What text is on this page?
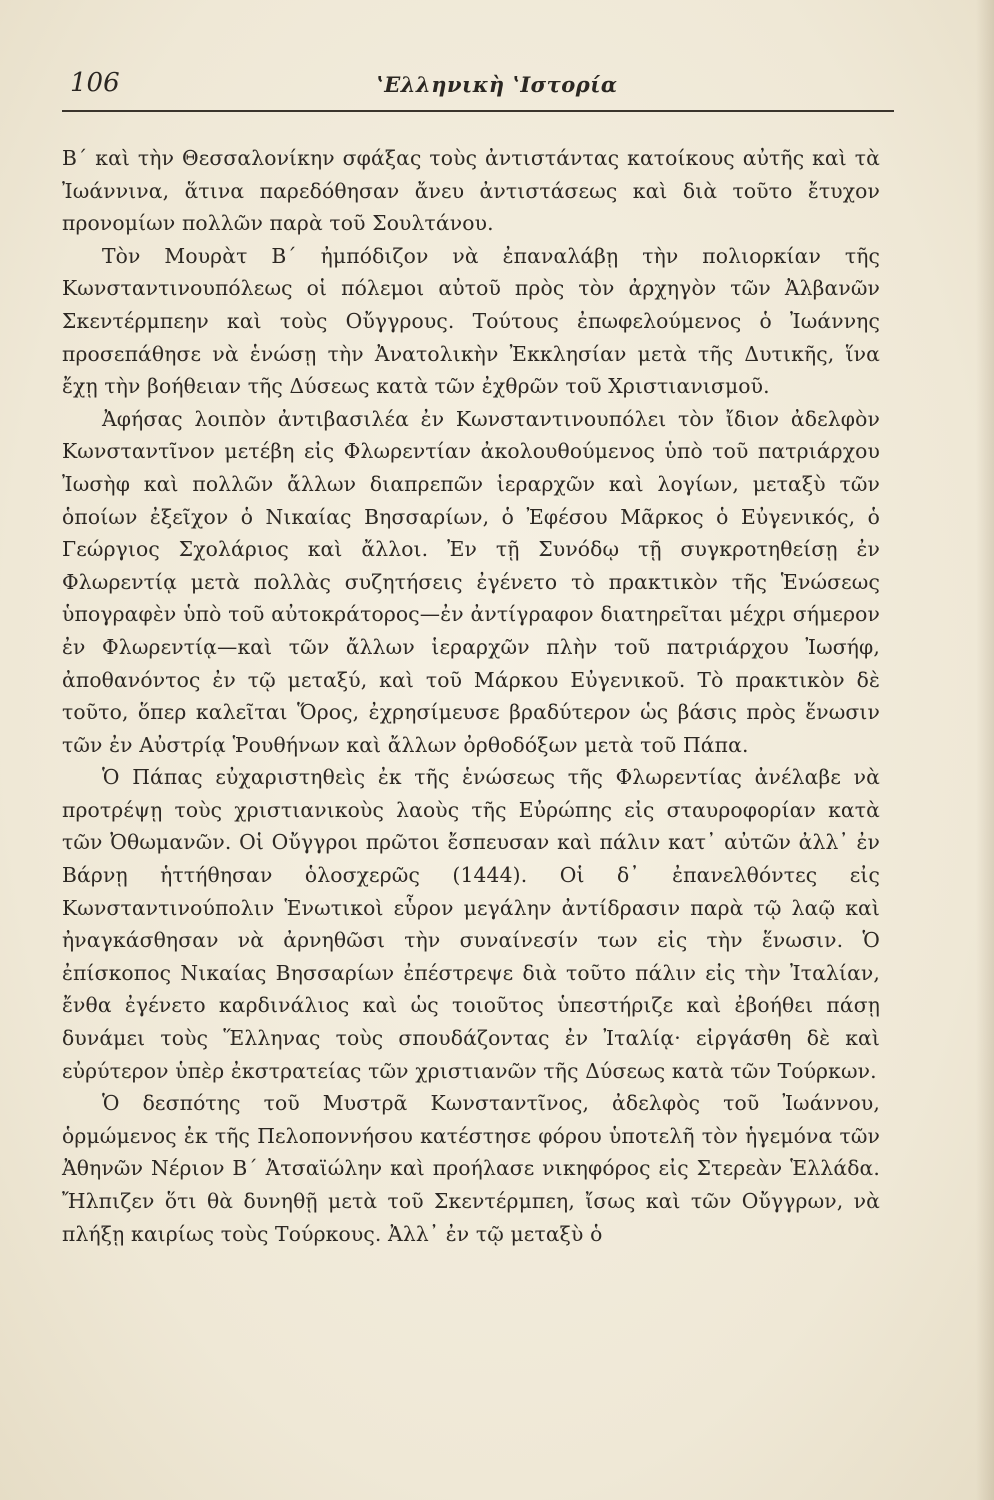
106	ʽΕλληνικὴ ʽΙστορία

Β΄ καὶ τὴν Θεσσαλονίκην σφάξας τοὺς ἀντιστάντας κατοίκους αὐτῆς καὶ τὰ Ἰωάννινα, ἅτινα παρεδόθησαν ἄνευ ἀντιστάσεως καὶ διὰ τοῦτο ἔτυχον προνομίων πολλῶν παρὰ τοῦ Σουλτάνου.

Τὸν Μουρὰτ Β΄ ἠμπόδιζον νὰ ἐπαναλάβῃ τὴν πολιορκίαν τῆς Κωνσταντινουπόλεως οἱ πόλεμοι αὐτοῦ πρὸς τὸν ἀρχηγὸν τῶν Ἀλβανῶν Σκεντέρμπεην καὶ τοὺς Οὔγγρους. Τούτους ἐπωφελούμενος ὁ Ἰωάννης προσεπάθησε νὰ ἑνώσῃ τὴν Ἀνατολικὴν Ἐκκλησίαν μετὰ τῆς Δυτικῆς, ἵνα ἔχῃ τὴν βοήθειαν τῆς Δύσεως κατὰ τῶν ἐχθρῶν τοῦ Χριστιανισμοῦ.

Ἀφήσας λοιπὸν ἀντιβασιλέα ἐν Κωνσταντινουπόλει τὸν ἴδιον ἀδελφὸν Κωνσταντῖνον μετέβη εἰς Φλωρεντίαν ἀκολουθούμενος ὑπὸ τοῦ πατριάρχου Ἰωσὴφ καὶ πολλῶν ἄλλων διαπρεπῶν ἱεραρχῶν καὶ λογίων, μεταξὺ τῶν ὁποίων ἐξεῖχον ὁ Νικαίας Βησσαρίων, ὁ Ἐφέσου Μᾶρκος ὁ Εὐγενικός, ὁ Γεώργιος Σχολάριος καὶ ἄλλοι. Ἐν τῇ Συνόδῳ τῇ συγκροτηθείσῃ ἐν Φλωρεντίᾳ μετὰ πολλὰς συζητήσεις ἐγένετο τὸ πρακτικὸν τῆς Ἑνώσεως ὑπογραφὲν ὑπὸ τοῦ αὐτοκράτορος—ἐν ἀντίγραφον διατηρεῖται μέχρι σήμερον ἐν Φλωρεντίᾳ—καὶ τῶν ἄλλων ἱεραρχῶν πλὴν τοῦ πατριάρχου Ἰωσήφ, ἀποθανόντος ἐν τῷ μεταξύ, καὶ τοῦ Μάρκου Εὐγενικοῦ. Τὸ πρακτικὸν δὲ τοῦτο, ὅπερ καλεῖται Ὅρος, ἐχρησίμευσε βραδύτερον ὡς βάσις πρὸς ἕνωσιν τῶν ἐν Αὐστρίᾳ Ῥουθήνων καὶ ἄλλων ὀρθοδόξων μετὰ τοῦ Πάπα.

Ὁ Πάπας εὐχαριστηθεὶς ἐκ τῆς ἑνώσεως τῆς Φλωρεντίας ἀνέλαβε νὰ προτρέψῃ τοὺς χριστιανικοὺς λαοὺς τῆς Εὐρώπης εἰς σταυροφορίαν κατὰ τῶν Ὀθωμανῶν. Οἱ Οὔγγροι πρῶτοι ἔσπευσαν καὶ πάλιν κατ᾽ αὐτῶν ἀλλ᾽ ἐν Βάρνῃ ἡττήθησαν ὁλοσχερῶς (1444). Οἱ δ᾽ ἐπανελθόντες εἰς Κωνσταντινούπολιν Ἑνωτικοὶ εὗρον μεγάλην ἀντίδρασιν παρὰ τῷ λαῷ καὶ ἠναγκάσθησαν νὰ ἀρνηθῶσι τὴν συναίνεσίν των εἰς τὴν ἕνωσιν. Ὁ ἐπίσκοπος Νικαίας Βησσαρίων ἐπέστρεψε διὰ τοῦτο πάλιν εἰς τὴν Ἰταλίαν, ἔνθα ἐγένετο καρδινάλιος καὶ ὡς τοιοῦτος ὑπεστήριζε καὶ ἐβοήθει πάσῃ δυνάμει τοὺς Ἕλληνας τοὺς σπουδάζοντας ἐν Ἰταλίᾳ· εἰργάσθη δὲ καὶ εὐρύτερον ὑπὲρ ἐκστρατείας τῶν χριστιανῶν τῆς Δύσεως κατὰ τῶν Τούρκων.

Ὁ δεσπότης τοῦ Μυστρᾶ Κωνσταντῖνος, ἀδελφὸς τοῦ Ἰωάννου, ὁρμώμενος ἐκ τῆς Πελοποννήσου κατέστησε φόρου ὑποτελῆ τὸν ἡγεμόνα τῶν Ἀθηνῶν Νέριον Β΄ Ἀτσαϊώλην καὶ προήλασε νικηφόρος εἰς Στερεὰν Ἑλλάδα. Ἤλπιζεν ὅτι θὰ δυνηθῇ μετὰ τοῦ Σκεντέρμπεη, ἴσως καὶ τῶν Οὔγγρων, νὰ πλήξῃ καιρίως τοὺς Τούρκους. Ἀλλ᾽ ἐν τῷ μεταξὺ ὁ
